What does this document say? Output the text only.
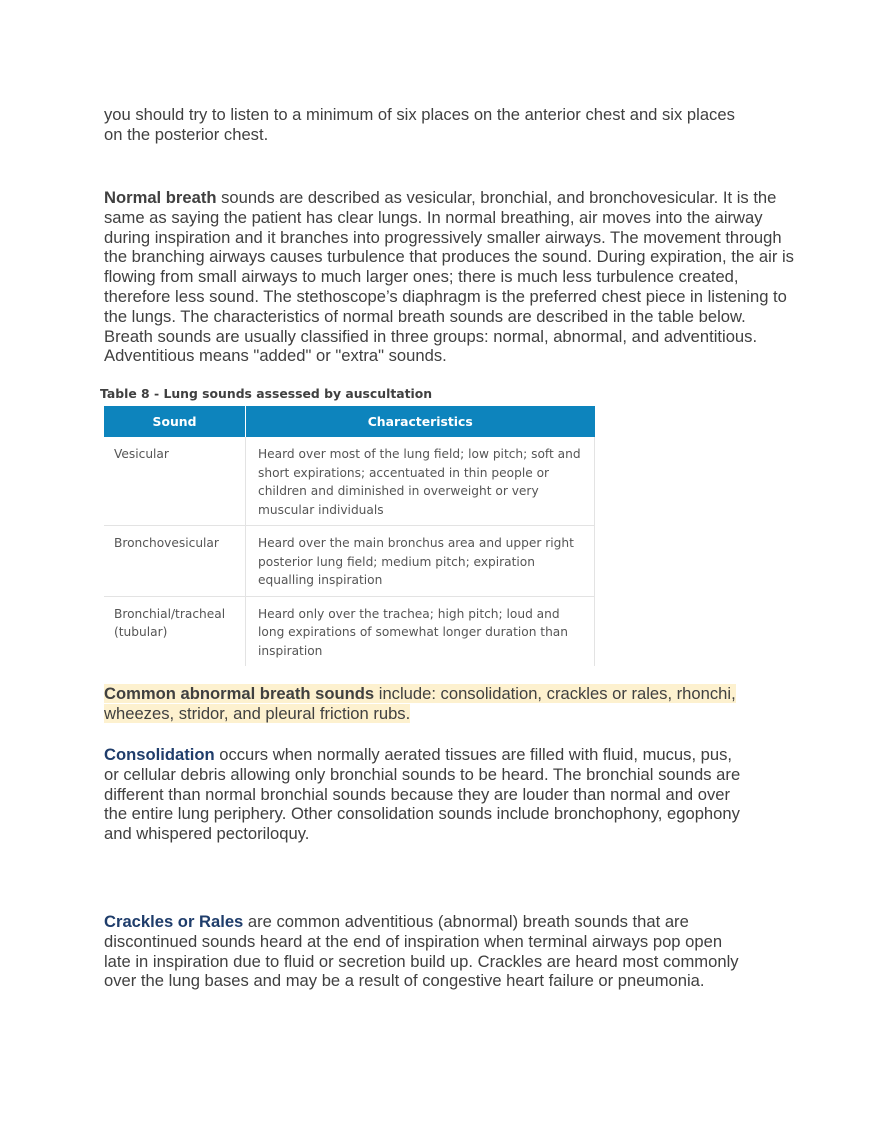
you should try to listen to a minimum of six places on the anterior chest and six places on the posterior chest.

Normal breath sounds are described as vesicular, bronchial, and bronchovesicular. It is the same as saying the patient has clear lungs. In normal breathing, air moves into the airway during inspiration and it branches into progressively smaller airways. The movement through the branching airways causes turbulence that produces the sound. During expiration, the air is flowing from small airways to much larger ones; there is much less turbulence created, therefore less sound. The stethoscope’s diaphragm is the preferred chest piece in listening to the lungs. The characteristics of normal breath sounds are described in the table below. Breath sounds are usually classified in three groups: normal, abnormal, and adventitious. Adventitious means "added" or "extra" sounds.

Table 8 - Lung sounds assessed by auscultation

Sound	Characteristics
Vesicular	Heard over most of the lung field; low pitch; soft and short expirations; accentuated in thin people or children and diminished in overweight or very muscular individuals
Bronchovesicular	Heard over the main bronchus area and upper right posterior lung field; medium pitch; expiration equalling inspiration
Bronchial/tracheal (tubular)	Heard only over the trachea; high pitch; loud and long expirations of somewhat longer duration than inspiration

Common abnormal breath sounds include: consolidation, crackles or rales, rhonchi, wheezes, stridor, and pleural friction rubs.

Consolidation occurs when normally aerated tissues are filled with fluid, mucus, pus, or cellular debris allowing only bronchial sounds to be heard. The bronchial sounds are different than normal bronchial sounds because they are louder than normal and over the entire lung periphery. Other consolidation sounds include bronchophony, egophony and whispered pectoriloquy.

Crackles or Rales are common adventitious (abnormal) breath sounds that are discontinued sounds heard at the end of inspiration when terminal airways pop open late in inspiration due to fluid or secretion build up. Crackles are heard most commonly over the lung bases and may be a result of congestive heart failure or pneumonia.
